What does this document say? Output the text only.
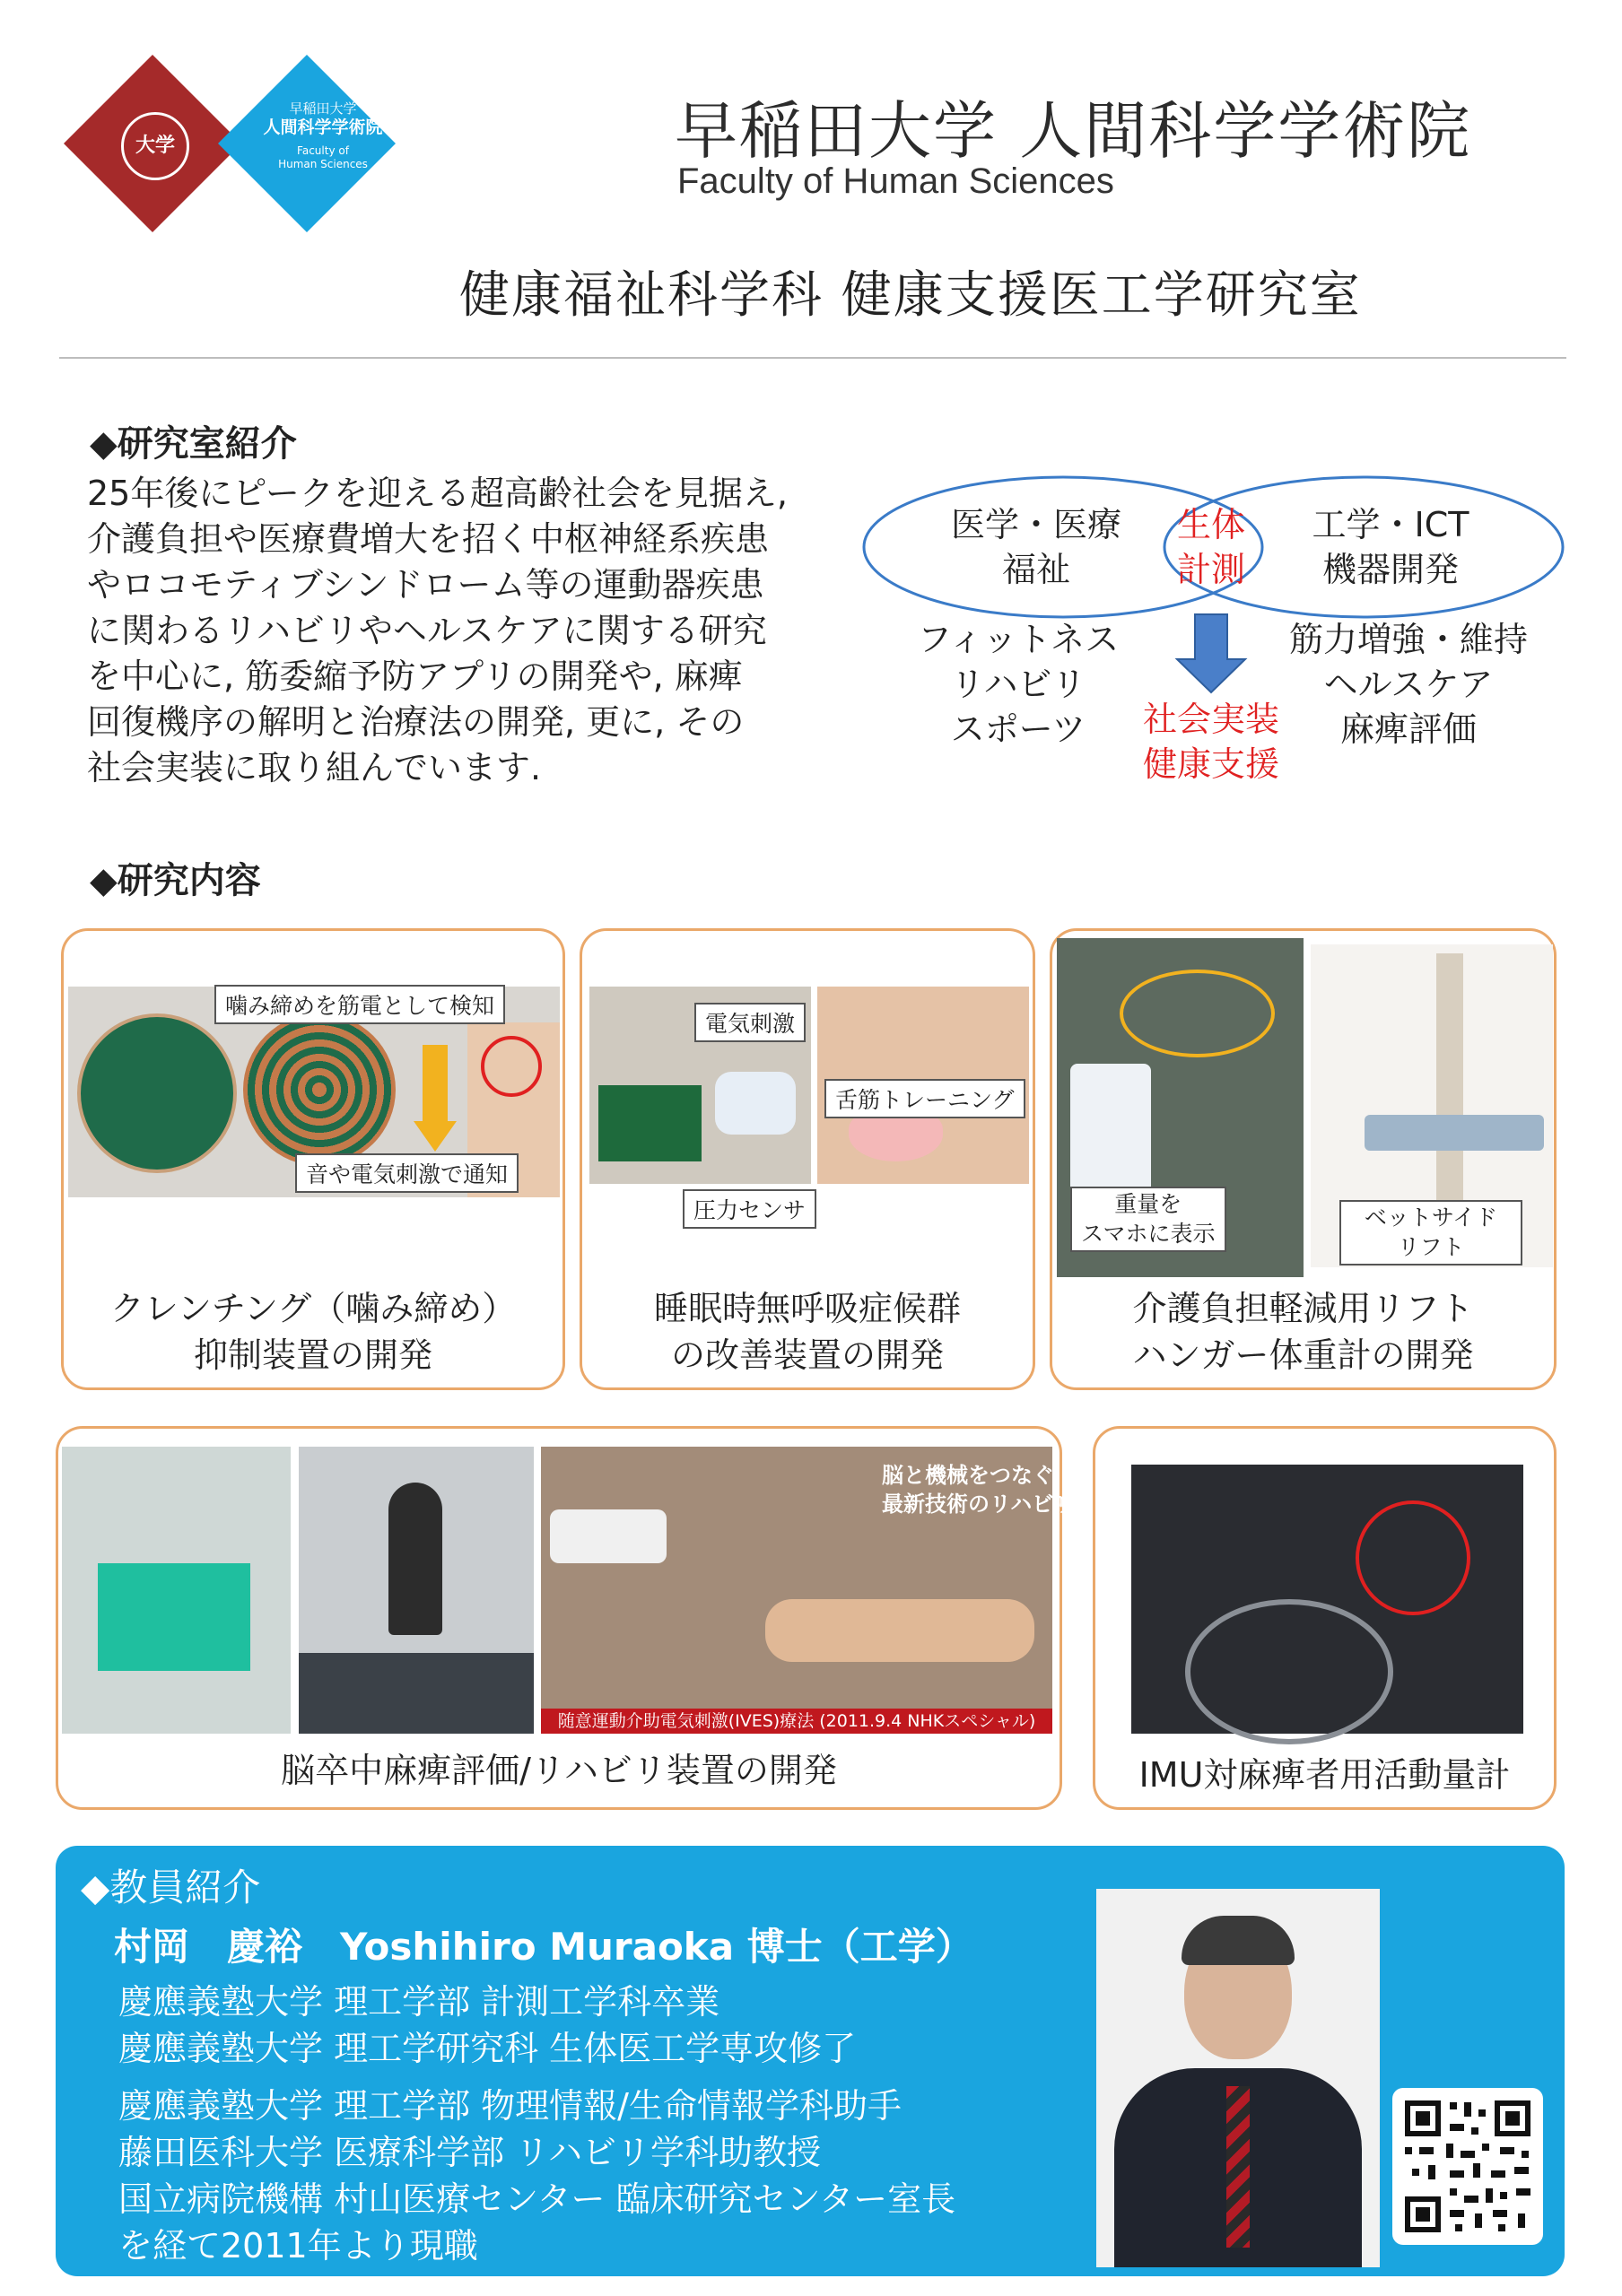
大学
早稲田大学
人間科学学術院
Faculty of
Human Sciences	早稲田大学 人間科学学術院
Faculty of Human Sciences
健康福祉科学科 健康支援医工学研究室
◆研究室紹介
25年後にピークを迎える超高齢社会を見据え,
介護負担や医療費増大を招く中枢神経系疾患
やロコモティブシンドローム等の運動器疾患
に関わるリハビリやヘルスケアに関する研究
を中心に, 筋委縮予防アプリの開発や, 麻痺
回復機序の解明と治療法の開発, 更に, その
社会実装に取り組んでいます.
医学・医療
福祉
生体
計測
工学・ICT
機器開発
フィットネス
リハビリ
スポーツ	社会実装
健康支援
筋力増強・維持
ヘルスケア
麻痺評価
◆研究内容
噛み締めを筋電として検知
音や電気刺激で通知
クレンチング（噛み締め）
抑制装置の開発
電気刺激
舌筋トレーニング
圧力センサ
睡眠時無呼吸症候群
の改善装置の開発
重量を
スマホに表示
ベットサイド
リフト
介護負担軽減用リフト
ハンガー体重計の開発
脳と機械をつなぐ
最新技術のリハビリ
随意運動介助電気刺激(IVES)療法 (2011.9.4 NHKスペシャル)
脳卒中麻痺評価/リハビリ装置の開発	IMU対麻痺者用活動量計
◆教員紹介
村岡　慶裕　Yoshihiro Muraoka 博士（工学）
慶應義塾大学 理工学部 計測工学科卒業
慶應義塾大学 理工学研究科 生体医工学専攻修了
慶應義塾大学 理工学部 物理情報/生命情報学科助手
藤田医科大学 医療科学部 リハビリ学科助教授
国立病院機構 村山医療センター 臨床研究センター室長
を経て2011年より現職
